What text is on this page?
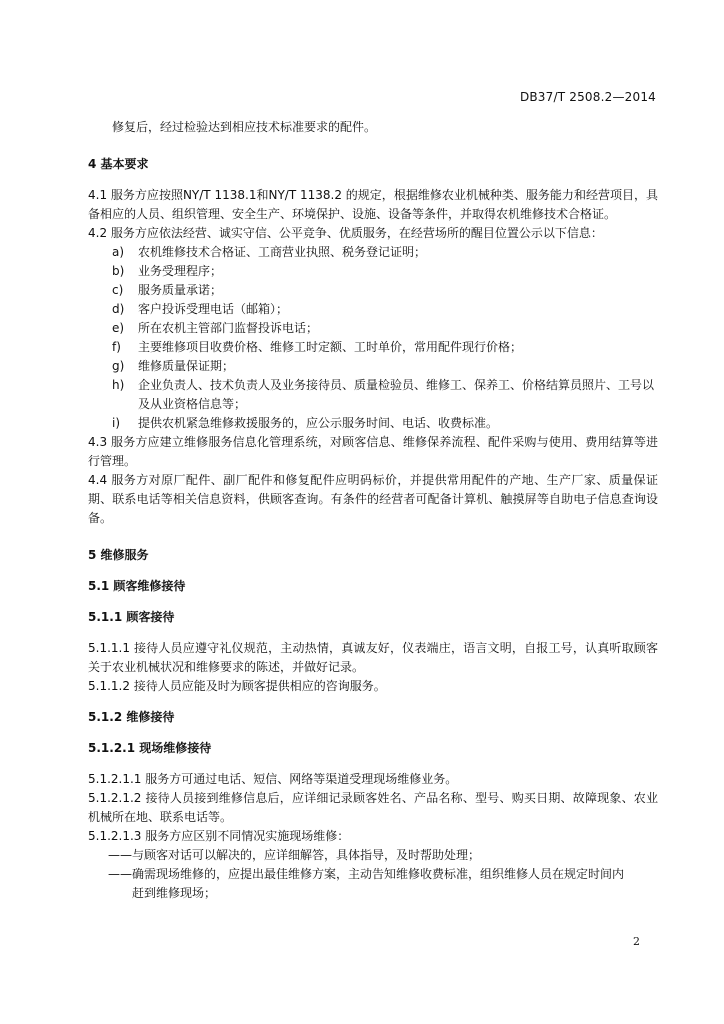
DB37/T 2508.2—2014

修复后，经过检验达到相应技术标准要求的配件。

4 基本要求

4.1 服务方应按照NY/T 1138.1和NY/T 1138.2 的规定，根据维修农业机械种类、服务能力和经营项目，具备相应的人员、组织管理、安全生产、环境保护、设施、设备等条件，并取得农机维修技术合格证。

4.2 服务方应依法经营、诚实守信、公平竞争、优质服务，在经营场所的醒目位置公示以下信息：

a)	农机维修技术合格证、工商营业执照、税务登记证明；
b)	业务受理程序；
c)	服务质量承诺；
d)	客户投诉受理电话（邮箱）；
e)	所在农机主管部门监督投诉电话；
f)	主要维修项目收费价格、维修工时定额、工时单价，常用配件现行价格；
g)	维修质量保证期；
h)	企业负责人、技术负责人及业务接待员、质量检验员、维修工、保养工、价格结算员照片、工号以及从业资格信息等；
i)	提供农机紧急维修救援服务的，应公示服务时间、电话、收费标准。

4.3 服务方应建立维修服务信息化管理系统，对顾客信息、维修保养流程、配件采购与使用、费用结算等进行管理。

4.4 服务方对原厂配件、副厂配件和修复配件应明码标价，并提供常用配件的产地、生产厂家、质量保证期、联系电话等相关信息资料，供顾客查询。有条件的经营者可配备计算机、触摸屏等自助电子信息查询设备。

5 维修服务

5.1 顾客维修接待

5.1.1 顾客接待

5.1.1.1 接待人员应遵守礼仪规范，主动热情，真诚友好，仪表端庄，语言文明，自报工号，认真听取顾客关于农业机械状况和维修要求的陈述，并做好记录。

5.1.1.2 接待人员应能及时为顾客提供相应的咨询服务。

5.1.2 维修接待

5.1.2.1 现场维修接待

5.1.2.1.1 服务方可通过电话、短信、网络等渠道受理现场维修业务。

5.1.2.1.2 接待人员接到维修信息后，应详细记录顾客姓名、产品名称、型号、购买日期、故障现象、农业机械所在地、联系电话等。

5.1.2.1.3 服务方应区别不同情况实施现场维修：

——与顾客对话可以解决的，应详细解答，具体指导，及时帮助处理；

——确需现场维修的，应提出最佳维修方案，主动告知维修收费标准，组织维修人员在规定时间内

赶到维修现场；

2
